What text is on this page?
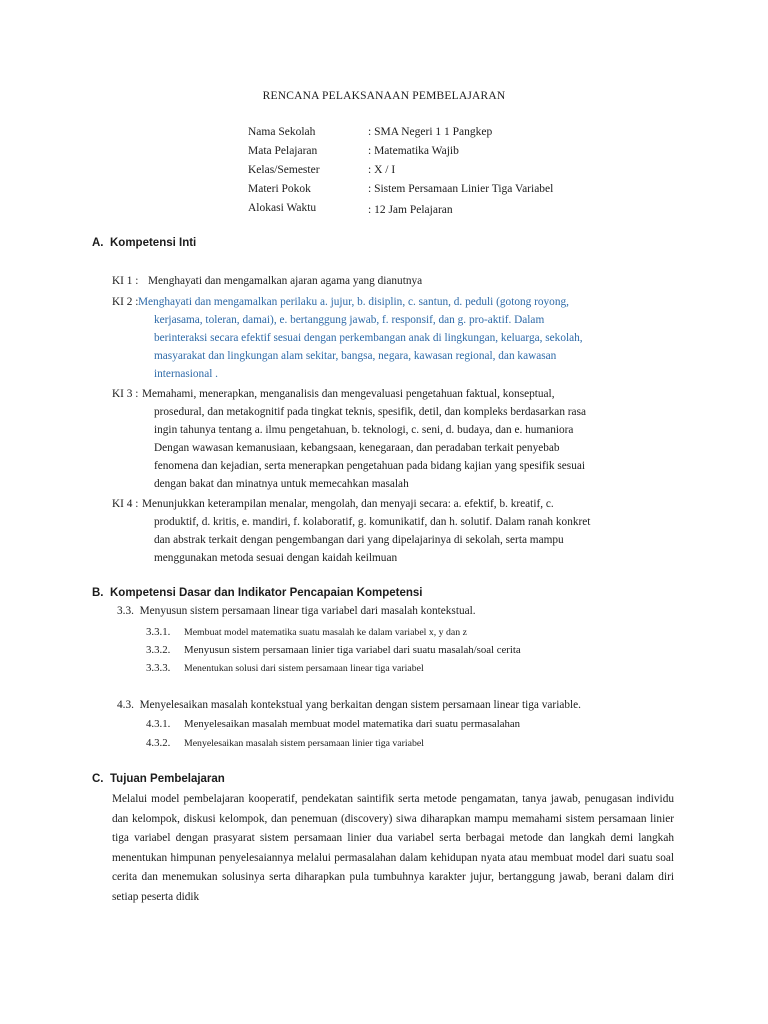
RENCANA PELAKSANAAN PEMBELAJARAN
Nama Sekolah	: SMA Negeri 1 1 Pangkep
Mata Pelajaran	: Matematika Wajib
Kelas/Semester	: X / I
Materi Pokok	: Sistem Persamaan Linier Tiga Variabel
Alokasi Waktu	: 12 Jam Pelajaran
A. Kompetensi Inti
KI 1 : Menghayati dan mengamalkan ajaran agama yang dianutnya
KI 2 : Menghayati dan mengamalkan perilaku a. jujur, b. disiplin, c. santun, d. peduli (gotong royong,
kerjasama, toleran, damai), e. bertanggung jawab, f. responsif, dan g. pro-aktif. Dalam
berinteraksi secara efektif sesuai dengan perkembangan anak di lingkungan, keluarga, sekolah,
masyarakat dan lingkungan alam sekitar, bangsa, negara, kawasan regional, dan kawasan
internasional .
KI 3 : Memahami, menerapkan, menganalisis dan mengevaluasi pengetahuan faktual, konseptual,
prosedural, dan metakognitif pada tingkat teknis, spesifik, detil, dan kompleks berdasarkan rasa
ingin tahunya tentang a. ilmu pengetahuan, b. teknologi, c. seni, d. budaya, dan e. humaniora
Dengan wawasan kemanusiaan, kebangsaan, kenegaraan, dan peradaban terkait penyebab
fenomena dan kejadian, serta menerapkan pengetahuan pada bidang kajian yang spesifik sesuai
dengan bakat dan minatnya untuk memecahkan masalah
KI 4 : Menunjukkan keterampilan menalar, mengolah, dan menyaji secara: a. efektif, b. kreatif, c.
produktif, d. kritis, e. mandiri, f. kolaboratif, g. komunikatif, dan h. solutif. Dalam ranah konkret
dan abstrak terkait dengan pengembangan dari yang dipelajarinya di sekolah, serta mampu
menggunakan metoda sesuai dengan kaidah keilmuan
B. Kompetensi Dasar dan Indikator Pencapaian Kompetensi
3.3. Menyusun sistem persamaan linear tiga variabel dari masalah kontekstual.
3.3.1. Membuat model matematika suatu masalah ke dalam variabel x, y dan z
3.3.2. Menyusun sistem persamaan linier tiga variabel dari suatu masalah/soal cerita
3.3.3. Menentukan solusi dari sistem persamaan linear tiga variabel
4.3. Menyelesaikan masalah kontekstual yang berkaitan dengan sistem persamaan linear tiga variable.
4.3.1. Menyelesaikan masalah membuat model matematika dari suatu permasalahan
4.3.2. Menyelesaikan masalah sistem persamaan linier tiga variabel
C. Tujuan Pembelajaran
Melalui model pembelajaran kooperatif, pendekatan saintifik serta metode pengamatan, tanya jawab, penugasan individu dan kelompok, diskusi kelompok, dan penemuan (discovery) siwa diharapkan mampu memahami sistem persamaan linier tiga variabel dengan prasyarat sistem persamaan linier dua variabel serta berbagai metode dan langkah demi langkah menentukan himpunan penyelesaiannya melalui permasalahan dalam kehidupan nyata atau membuat model dari suatu soal cerita dan menemukan solusinya serta diharapkan pula tumbuhnya karakter jujur, bertanggung jawab, berani dalam diri setiap peserta didik
